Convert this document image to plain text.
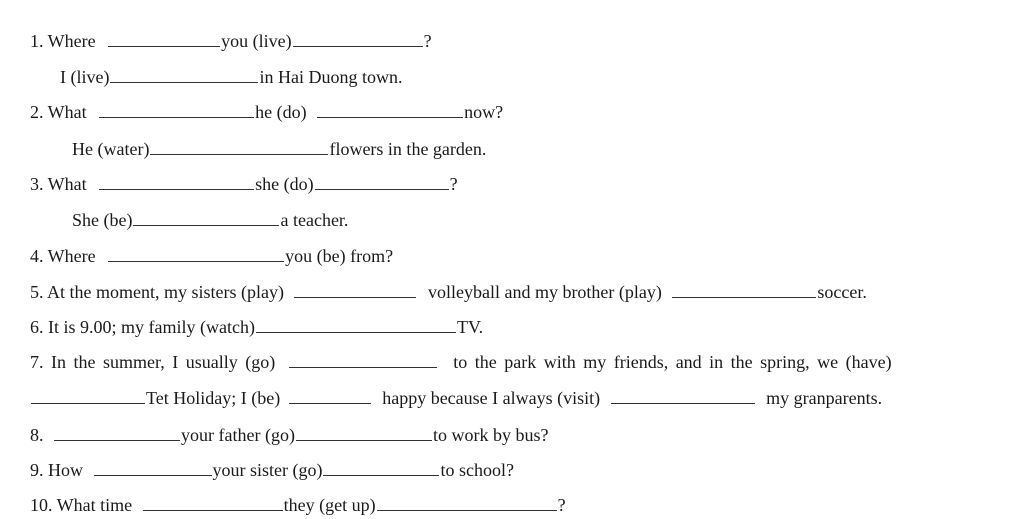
1. Where	you (live)	?
I (live)	in Hai Duong town.
2. What	he (do)	now?
He (water)	flowers in the garden.
3. What	she (do)	?
She (be)	a teacher.
4. Where	you (be) from?
5. At the moment, my sisters (play)	volleyball and my brother (play)	soccer.
6. It is 9.00; my family (watch)	TV.
7. In the summer, I usually (go)	to the park with my friends, and in the spring, we (have)
Tet Holiday; I (be)	happy because I always (visit)	my granparents.
8.	your father (go)	to work by bus?
9. How	your sister (go)	to school?
10. What time	they (get up)	?
